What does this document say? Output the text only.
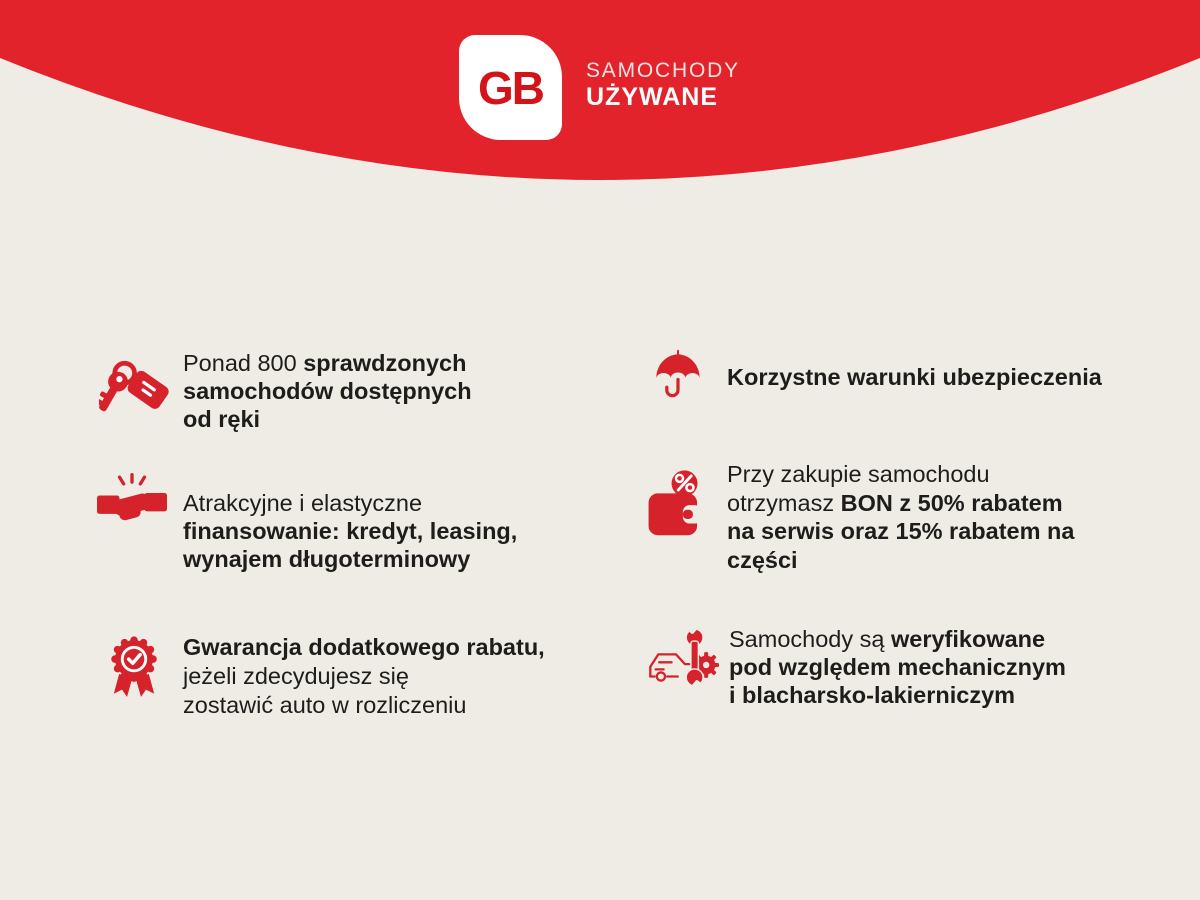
GB SAMOCHODY
UŻYWANE
Ponad 800 sprawdzonych
samochodów dostępnych
od ręki
Atrakcyjne i elastyczne
finansowanie: kredyt, leasing,
wynajem długoterminowy
Gwarancja dodatkowego rabatu,
jeżeli zdecydujesz się
zostawić auto w rozliczeniu
Korzystne warunki ubezpieczenia
Przy zakupie samochodu
otrzymasz BON z 50% rabatem
na serwis oraz 15% rabatem na
części
Samochody są weryfikowane
pod względem mechanicznym
i blacharsko-lakierniczym
